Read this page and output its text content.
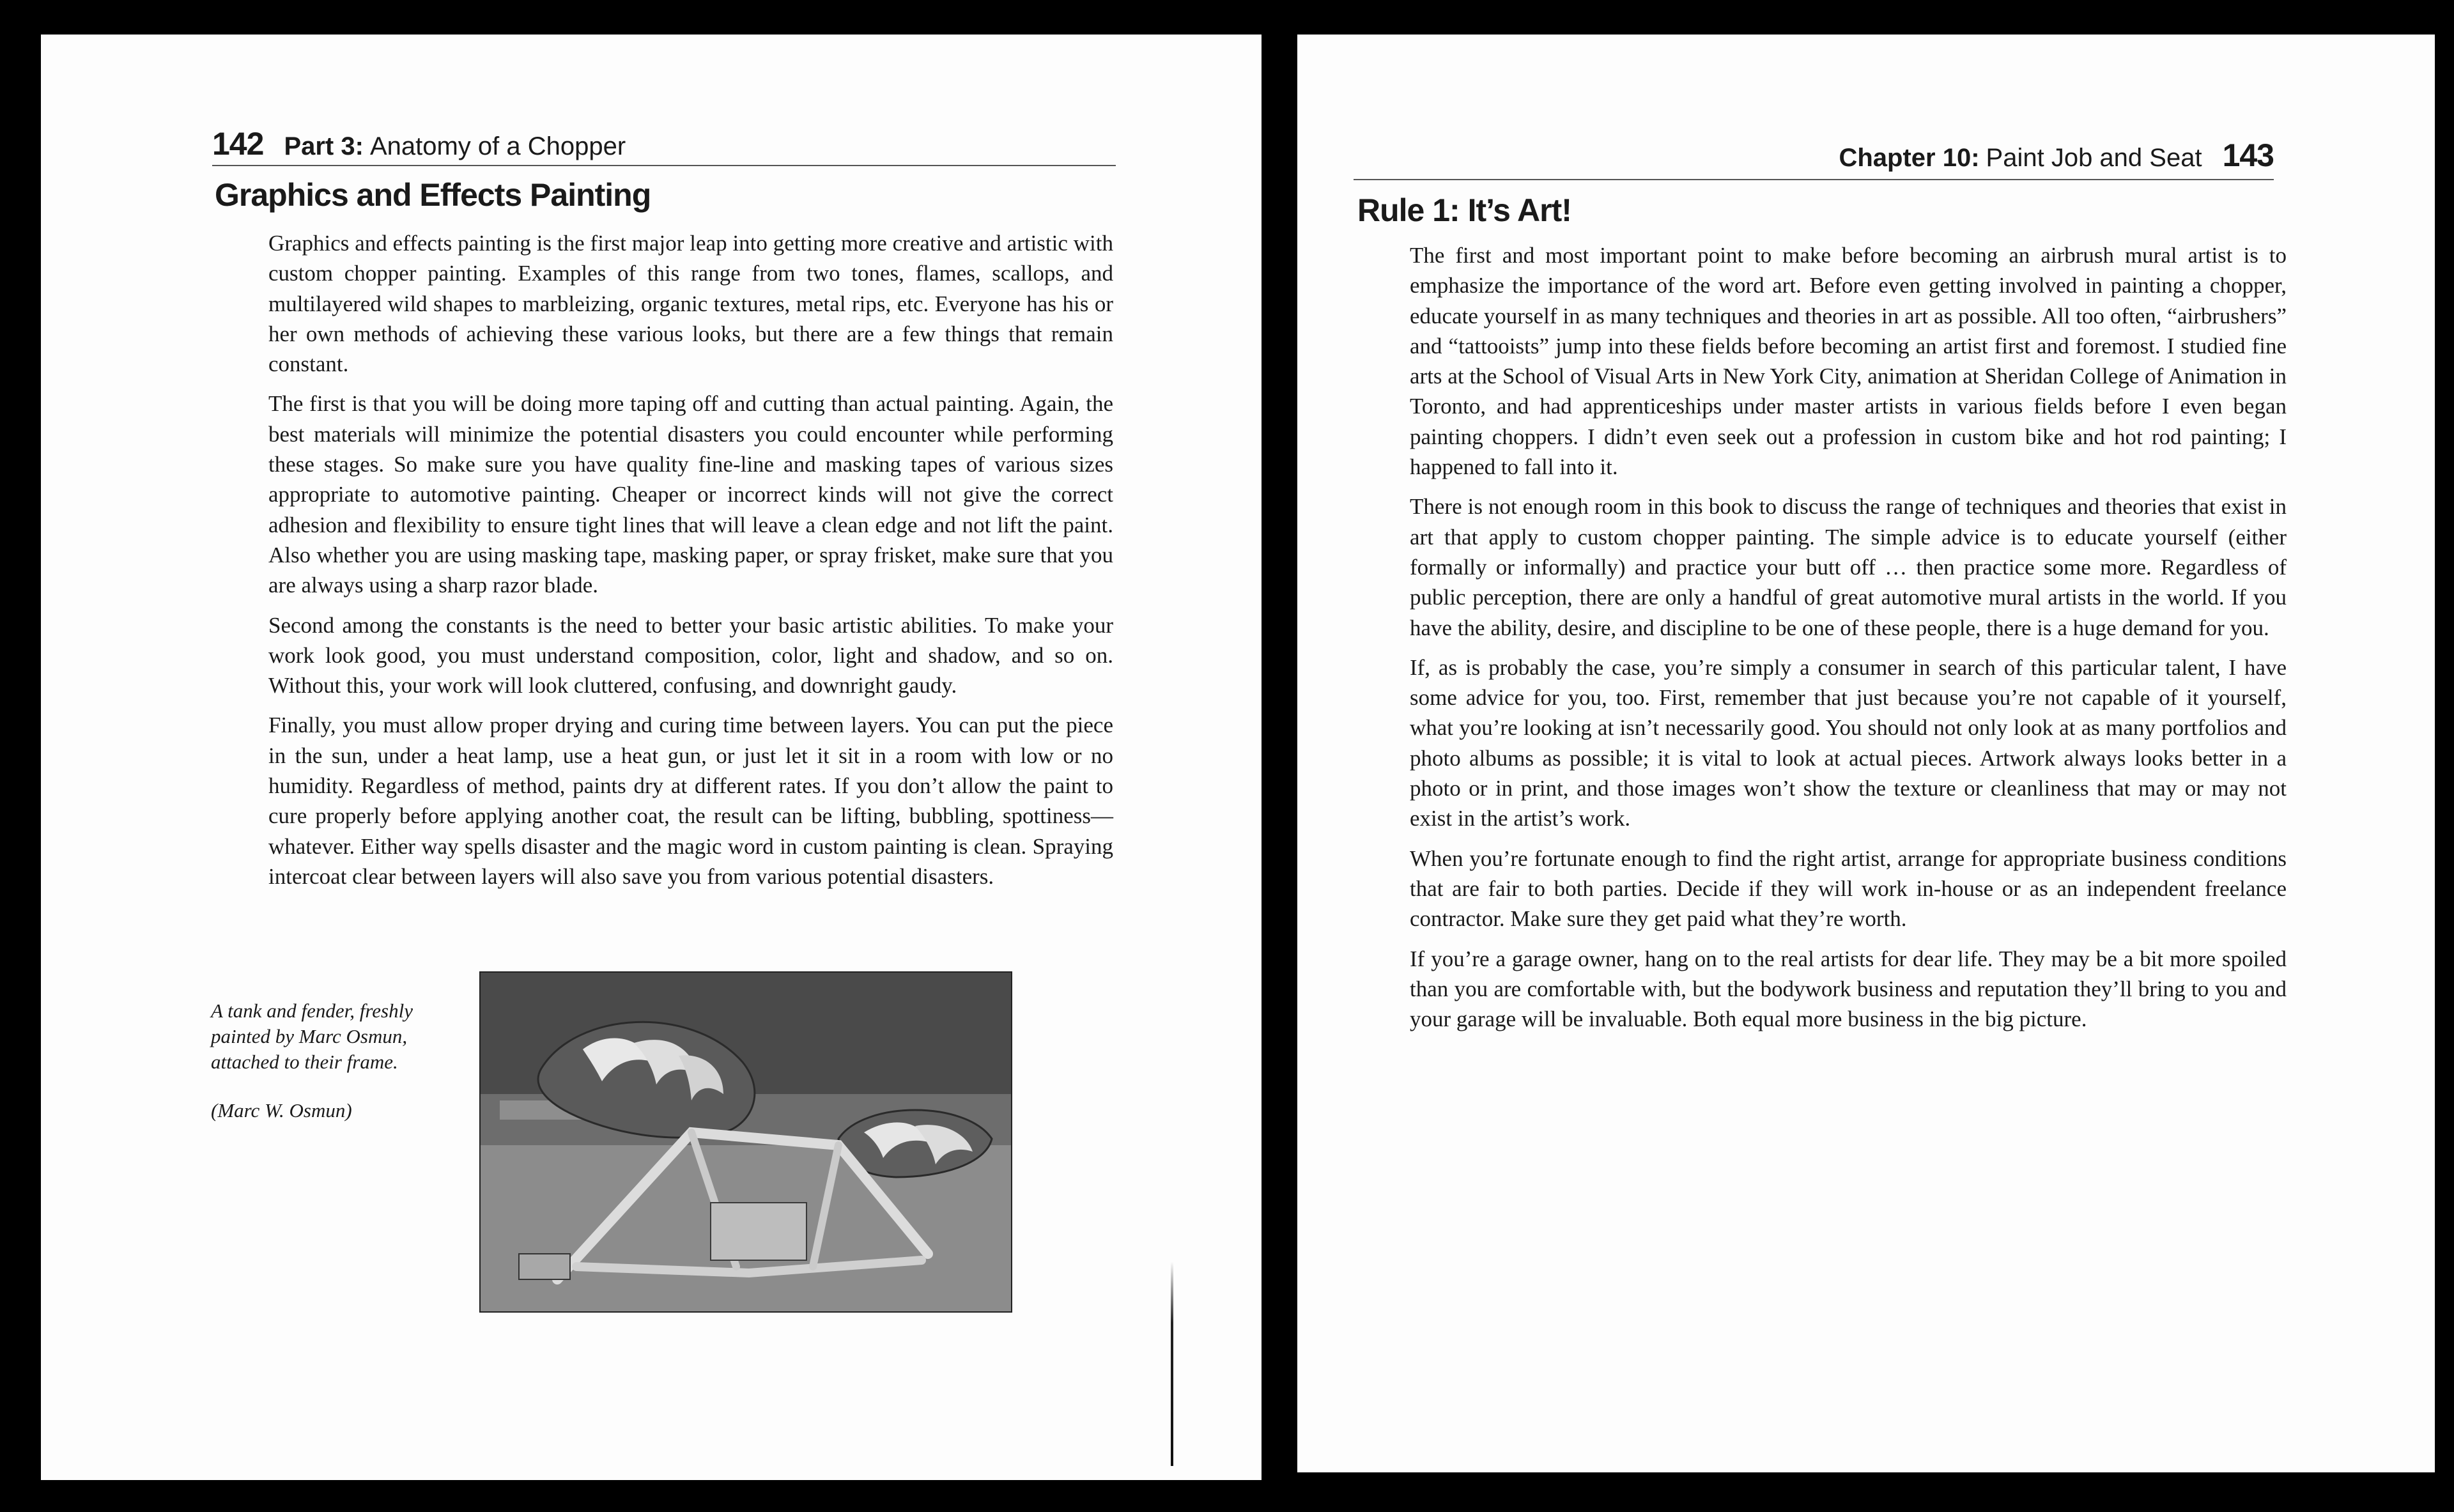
142 Part 3: Anatomy of a Chopper
Graphics and Effects Painting

Graphics and effects painting is the first major leap into getting more creative and artistic with custom chopper painting. Examples of this range from two tones, flames, scallops, and multilayered wild shapes to marbleizing, organic textures, metal rips, etc. Everyone has his or her own methods of achieving these various looks, but there are a few things that remain constant.

The first is that you will be doing more taping off and cutting than actual painting. Again, the best materials will minimize the potential disasters you could encounter while performing these stages. So make sure you have quality fine-line and masking tapes of various sizes appropriate to automotive painting. Cheaper or incorrect kinds will not give the correct adhesion and flexibility to ensure tight lines that will leave a clean edge and not lift the paint. Also whether you are using masking tape, masking paper, or spray frisket, make sure that you are always using a sharp razor blade.

Second among the constants is the need to better your basic artistic abilities. To make your work look good, you must understand composition, color, light and shadow, and so on. Without this, your work will look cluttered, confusing, and downright gaudy.

Finally, you must allow proper drying and curing time between layers. You can put the piece in the sun, under a heat lamp, use a heat gun, or just let it sit in a room with low or no humidity. Regardless of method, paints dry at different rates. If you don’t allow the paint to cure properly before applying another coat, the result can be lifting, bubbling, spottiness—whatever. Either way spells disaster and the magic word in custom painting is clean. Spraying intercoat clear between layers will also save you from various potential disasters.

A tank and fender, freshly painted by Marc Osmun, attached to their frame.

(Marc W. Osmun)

Chapter 10: Paint Job and Seat 143
Rule 1: It’s Art!

The first and most important point to make before becoming an airbrush mural artist is to emphasize the importance of the word art. Before even getting involved in painting a chopper, educate yourself in as many techniques and theories in art as possible. All too often, “airbrushers” and “tattooists” jump into these fields before becoming an artist first and foremost. I studied fine arts at the School of Visual Arts in New York City, animation at Sheridan College of Animation in Toronto, and had apprenticeships under master artists in various fields before I even began painting choppers. I didn’t even seek out a profession in custom bike and hot rod painting; I happened to fall into it.

There is not enough room in this book to discuss the range of techniques and theories that exist in art that apply to custom chopper painting. The simple advice is to educate yourself (either formally or informally) and practice your butt off … then practice some more. Regardless of public perception, there are only a handful of great automotive mural artists in the world. If you have the ability, desire, and discipline to be one of these people, there is a huge demand for you.

If, as is probably the case, you’re simply a consumer in search of this particular talent, I have some advice for you, too. First, remember that just because you’re not capable of it yourself, what you’re looking at isn’t necessarily good. You should not only look at as many portfolios and photo albums as possible; it is vital to look at actual pieces. Artwork always looks better in a photo or in print, and those images won’t show the texture or cleanliness that may or may not exist in the artist’s work.

When you’re fortunate enough to find the right artist, arrange for appropriate business conditions that are fair to both parties. Decide if they will work in-house or as an independent freelance contractor. Make sure they get paid what they’re worth.

If you’re a garage owner, hang on to the real artists for dear life. They may be a bit more spoiled than you are comfortable with, but the bodywork business and reputation they’ll bring to you and your garage will be invaluable. Both equal more business in the big picture.
